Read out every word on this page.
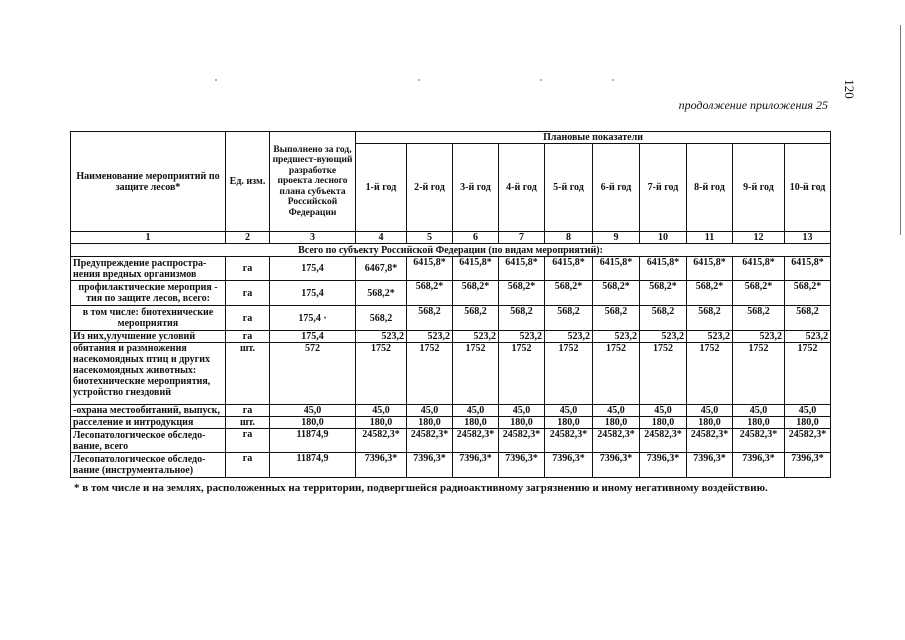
120
продолжение приложения 25
Наименование мероприятий по защите лесов*	Ед. изм.	Выполнено за год, предшест-вующий разработке проекта лесного плана субъекта Российской Федерации	Плановые показатели									
			1-й год	2-й год	3-й год	4-й год	5-й год	6-й год	7-й год	8-й год	9-й год	10-й год
1	2	3	4	5	6	7	8	9	10	11	12	13
Всего по субъекту Российской Федерации (по видам мероприятий):												
Предупреждение распростра-нения вредных организмов	га	175,4	6467,8*	6415,8*	6415,8*	6415,8*	6415,8*	6415,8*	6415,8*	6415,8*	6415,8*	6415,8*
профилактические мероприя - тия по защите лесов, всего:	га	175,4	568,2*	568,2*	568,2*	568,2*	568,2*	568,2*	568,2*	568,2*	568,2*	568,2*
в том числе: биотехнические мероприятия	га	175,4 ·	568,2	568,2	568,2	568,2	568,2	568,2	568,2	568,2	568,2	568,2
Из них,улучшение условий	га	175,4	523,2	523,2	523,2	523,2	523,2	523,2	523,2	523,2	523,2	523,2
обитания и размножения насекомоядных птиц и других насекомоядных животных: биотехнические мероприятия, устройство гнездовий	шт.	572	1752	1752	1752	1752	1752	1752	1752	1752	1752	1752
-охрана местообитаний, выпуск,	га	45,0	45,0	45,0	45,0	45,0	45,0	45,0	45,0	45,0	45,0	45,0
расселение и интродукция	шт.	180,0	180,0	180,0	180,0	180,0	180,0	180,0	180,0	180,0	180,0	180,0
Лесопатологическое обследо-вание, всего	га	11874,9	24582,3*	24582,3*	24582,3*	24582,3*	24582,3*	24582,3*	24582,3*	24582,3*	24582,3*	24582,3*
Лесопатологическое обследо-вание (инструментальное)	га	11874,9	7396,3*	7396,3*	7396,3*	7396,3*	7396,3*	7396,3*	7396,3*	7396,3*	7396,3*	7396,3*
* в том числе и на землях, расположенных на территории, подвергшейся радиоактивному загрязнению и иному негативному воздействию.
